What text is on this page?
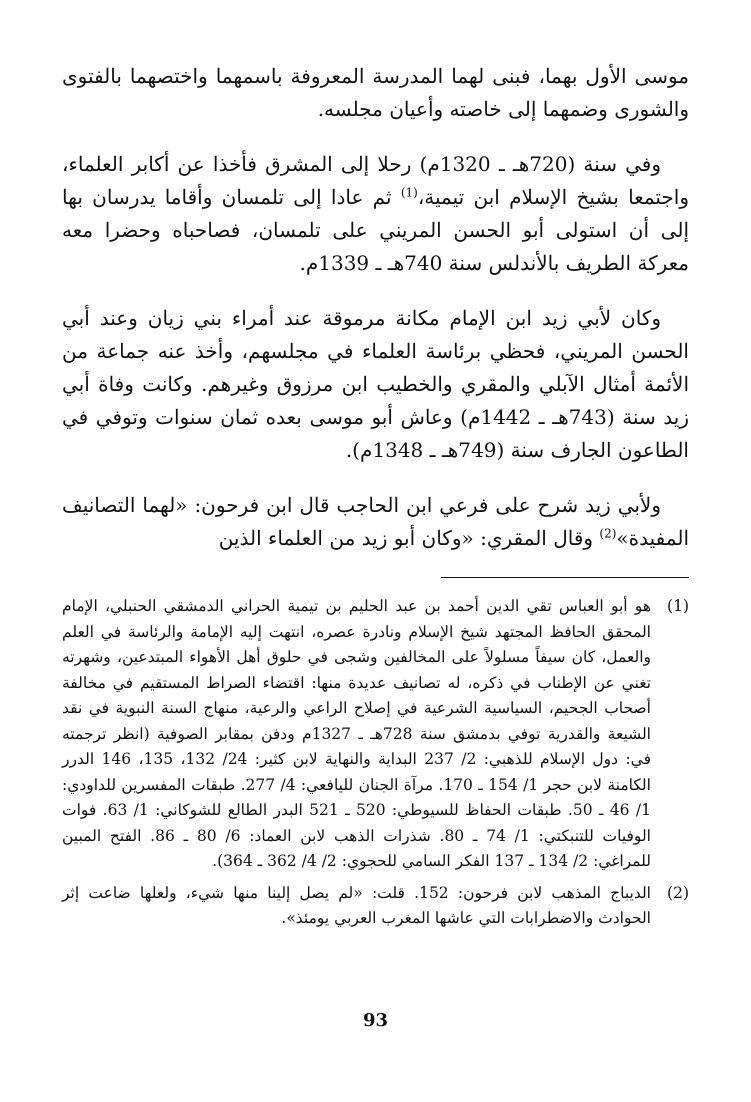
موسى الأول بهما، فبنى لهما المدرسة المعروفة باسمهما واختصهما بالفتوى والشورى وضمهما إلى خاصته وأعيان مجلسه.

وفي سنة (720هـ ـ 1320م) رحلا إلى المشرق فأخذا عن أكابر العلماء، واجتمعا بشيخ الإسلام ابن تيمية،$^{(1)}$ ثم عادا إلى تلمسان وأقاما يدرسان بها إلى أن استولى أبو الحسن المريني على تلمسان، فصاحباه وحضرا معه معركة الطريف بالأندلس سنة 740هـ ـ 1339م.

وكان لأبي زيد ابن الإمام مكانة مرموقة عند أمراء بني زيان وعند أبي الحسن المريني، فحظي برئاسة العلماء في مجلسهم، وأخذ عنه جماعة من الأئمة أمثال الآبلي والمقري والخطيب ابن مرزوق وغيرهم. وكانت وفاة أبي زيد سنة (743هـ ـ 1442م) وعاش أبو موسى بعده ثمان سنوات وتوفي في الطاعون الجارف سنة (749هـ ـ 1348م).

ولأبي زيد شرح على فرعي ابن الحاجب قال ابن فرحون: «لهما التصانيف المفيدة»$^{(2)}$ وقال المقري: «وكان أبو زيد من العلماء الذين

(1)
هو أبو العباس تقي الدين أحمد بن عبد الحليم بن تيمية الحراني الدمشقي الحنبلي، الإمام المحقق الحافظ المجتهد شيخ الإسلام ونادرة عصره، انتهت إليه الإمامة والرئاسة في العلم والعمل، كان سيفاً مسلولاً على المخالفين وشجى في حلوق أهل الأهواء المبتدعين، وشهرته تغني عن الإطناب في ذكره، له تصانيف عديدة منها: اقتضاء الصراط المستقيم في مخالفة أصحاب الجحيم، السياسية الشرعية في إصلاح الراعي والرعية، منهاج السنة النبوية في نقد الشيعة والقدرية توفي بدمشق سنة 728هـ ـ 1327م ودفن بمقابر الصوفية (انظر ترجمته في: دول الإسلام للذهبي: 2/ 237 البداية والنهاية لابن كثير: 24/ 132، 135، 146 الدرر الكامنة لابن حجر 1/ 154 ـ 170. مرآة الجنان لليافعي: 4/ 277. طبقات المفسرين للداودي: 1/ 46 ـ 50. طبقات الحفاظ للسيوطي: 520 ـ 521 البدر الطالع للشوكاني: 1/ 63. فوات الوفيات للتنبكتي: 1/ 74 ـ 80. شذرات الذهب لابن العماد: 6/ 80 ـ 86. الفتح المبين للمراغي: 2/ 134 ـ 137 الفكر السامي للحجوي: 2/ 4/ 362 ـ 364).
(2)
الديباج المذهب لابن فرحون: 152. قلت: «لم يصل إلينا منها شيء، ولعلها ضاعت إثر الحوادث والاضطرابات التي عاشها المغرب العربي يومئذ».
93
